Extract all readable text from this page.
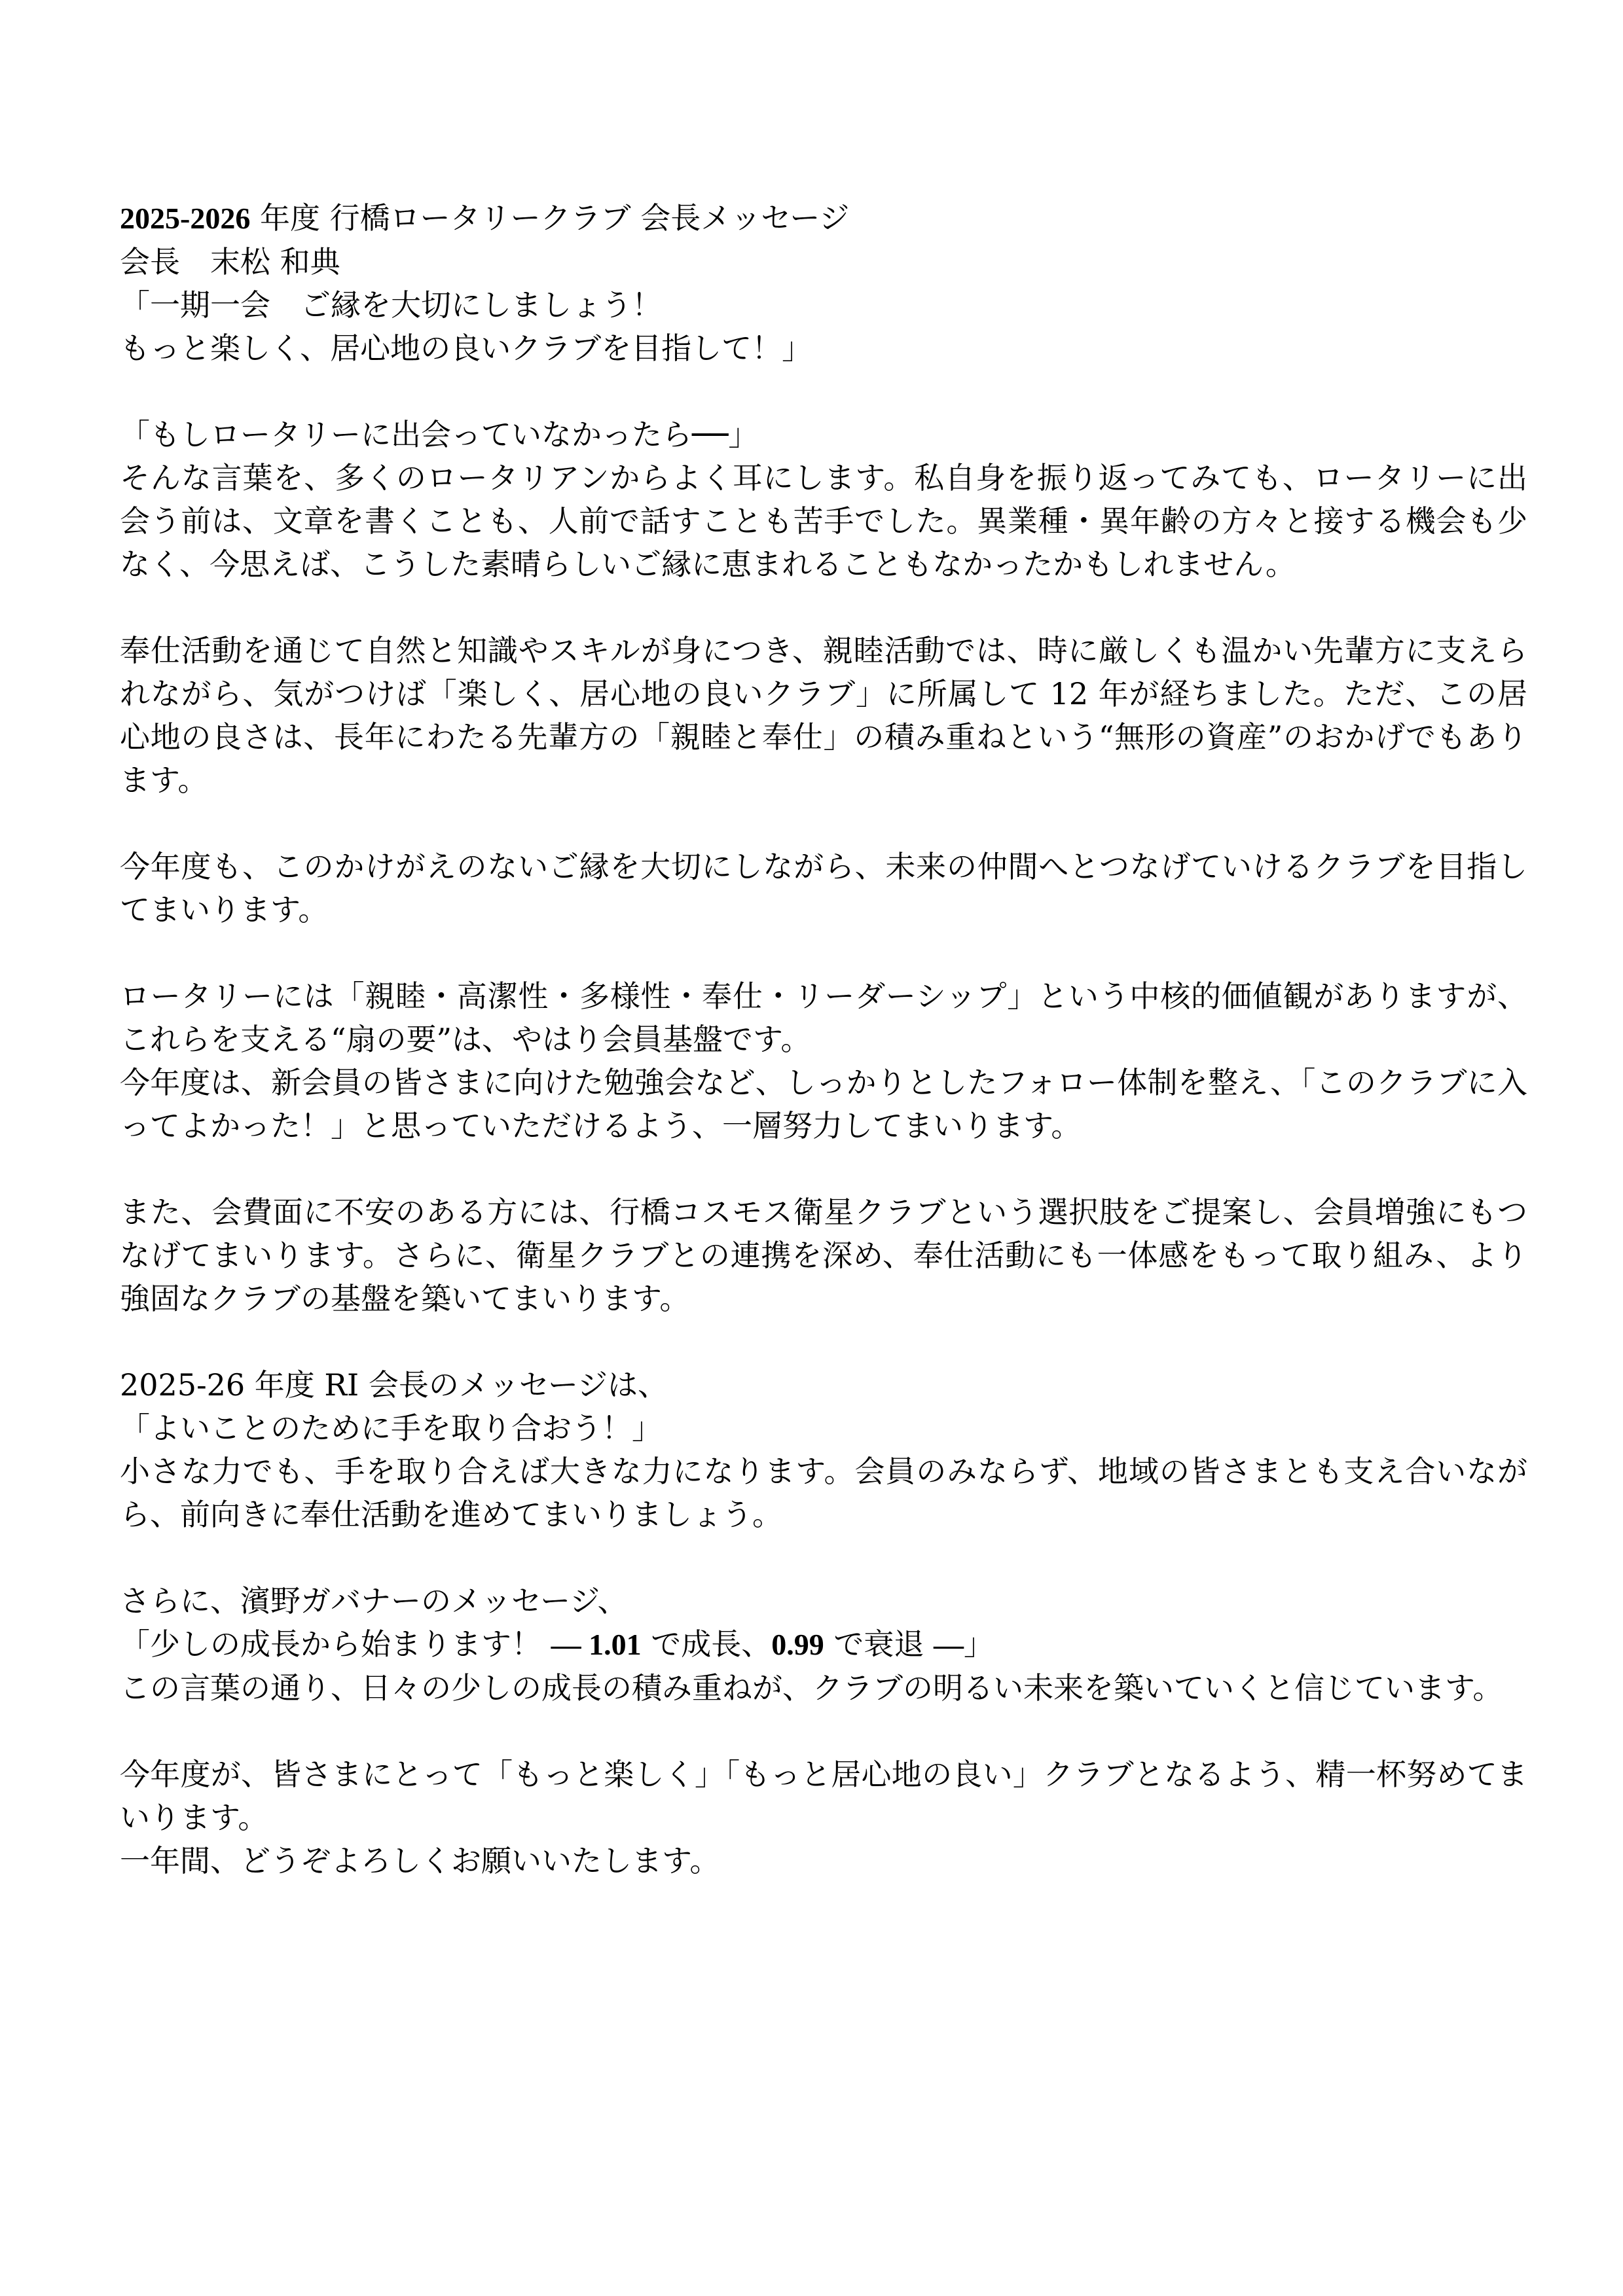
2025-2026 年度 行橋ロータリークラブ 会長メッセージ
会長　末松 和典
「一期一会　ご縁を大切にしましょう！
もっと楽しく、居心地の良いクラブを目指して！」
「もしロータリーに出会っていなかったら──」
そんな言葉を、多くのロータリアンからよく耳にします。私自身を振り返ってみても、ロータリーに出会う前は、文章を書くことも、人前で話すことも苦手でした。異業種・異年齢の方々と接する機会も少なく、今思えば、こうした素晴らしいご縁に恵まれることもなかったかもしれません。
奉仕活動を通じて自然と知識やスキルが身につき、親睦活動では、時に厳しくも温かい先輩方に支えられながら、気がつけば「楽しく、居心地の良いクラブ」に所属して 12 年が経ちました。ただ、この居心地の良さは、長年にわたる先輩方の「親睦と奉仕」の積み重ねという“無形の資産”のおかげでもあります。
今年度も、このかけがえのないご縁を大切にしながら、未来の仲間へとつなげていけるクラブを目指してまいります。
ロータリーには「親睦・高潔性・多様性・奉仕・リーダーシップ」という中核的価値観がありますが、これらを支える“扇の要”は、やはり会員基盤です。
今年度は、新会員の皆さまに向けた勉強会など、しっかりとしたフォロー体制を整え、「このクラブに入ってよかった！」と思っていただけるよう、一層努力してまいります。
また、会費面に不安のある方には、行橋コスモス衛星クラブという選択肢をご提案し、会員増強にもつなげてまいります。さらに、衛星クラブとの連携を深め、奉仕活動にも一体感をもって取り組み、より強固なクラブの基盤を築いてまいります。
2025-26 年度 RI 会長のメッセージは、
「よいことのために手を取り合おう！」
小さな力でも、手を取り合えば大きな力になります。会員のみならず、地域の皆さまとも支え合いながら、前向きに奉仕活動を進めてまいりましょう。
さらに、濱野ガバナーのメッセージ、
「少しの成長から始まります！ ― 1.01 で成長、0.99 で衰退 ―」
この言葉の通り、日々の少しの成長の積み重ねが、クラブの明るい未来を築いていくと信じています。
今年度が、皆さまにとって「もっと楽しく」「もっと居心地の良い」クラブとなるよう、精一杯努めてまいります。
一年間、どうぞよろしくお願いいたします。
